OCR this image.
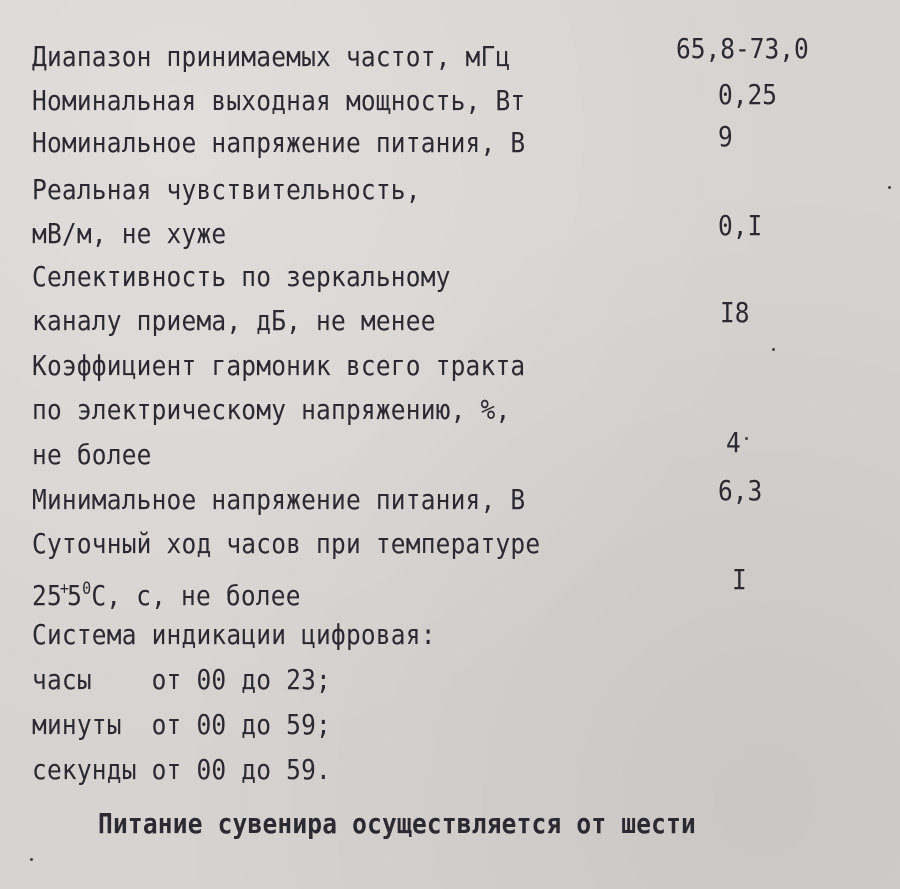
Диапазон принимаемых частот, мГц	65,8-73,0
Номинальная выходная мощность, Вт	0,25
Номинальное напряжение питания, В	9
Реальная чувствительность,
мВ/м, не хуже	0,I
Селективность по зеркальному
каналу приема, дБ, не менее	I8
Коэффициент гармоник всего тракта
по электрическому напряжению, %,
не более	4
Минимальное напряжение питания, В	6,3
Суточный ход часов при температуре
$25^+5^0С$, с, не более	I
Система индикации цифровая:
часы    от 00 до 23;
минуты  от 00 до 59;
секунды от 00 до 59.
Питание сувенира осуществляется от шести
